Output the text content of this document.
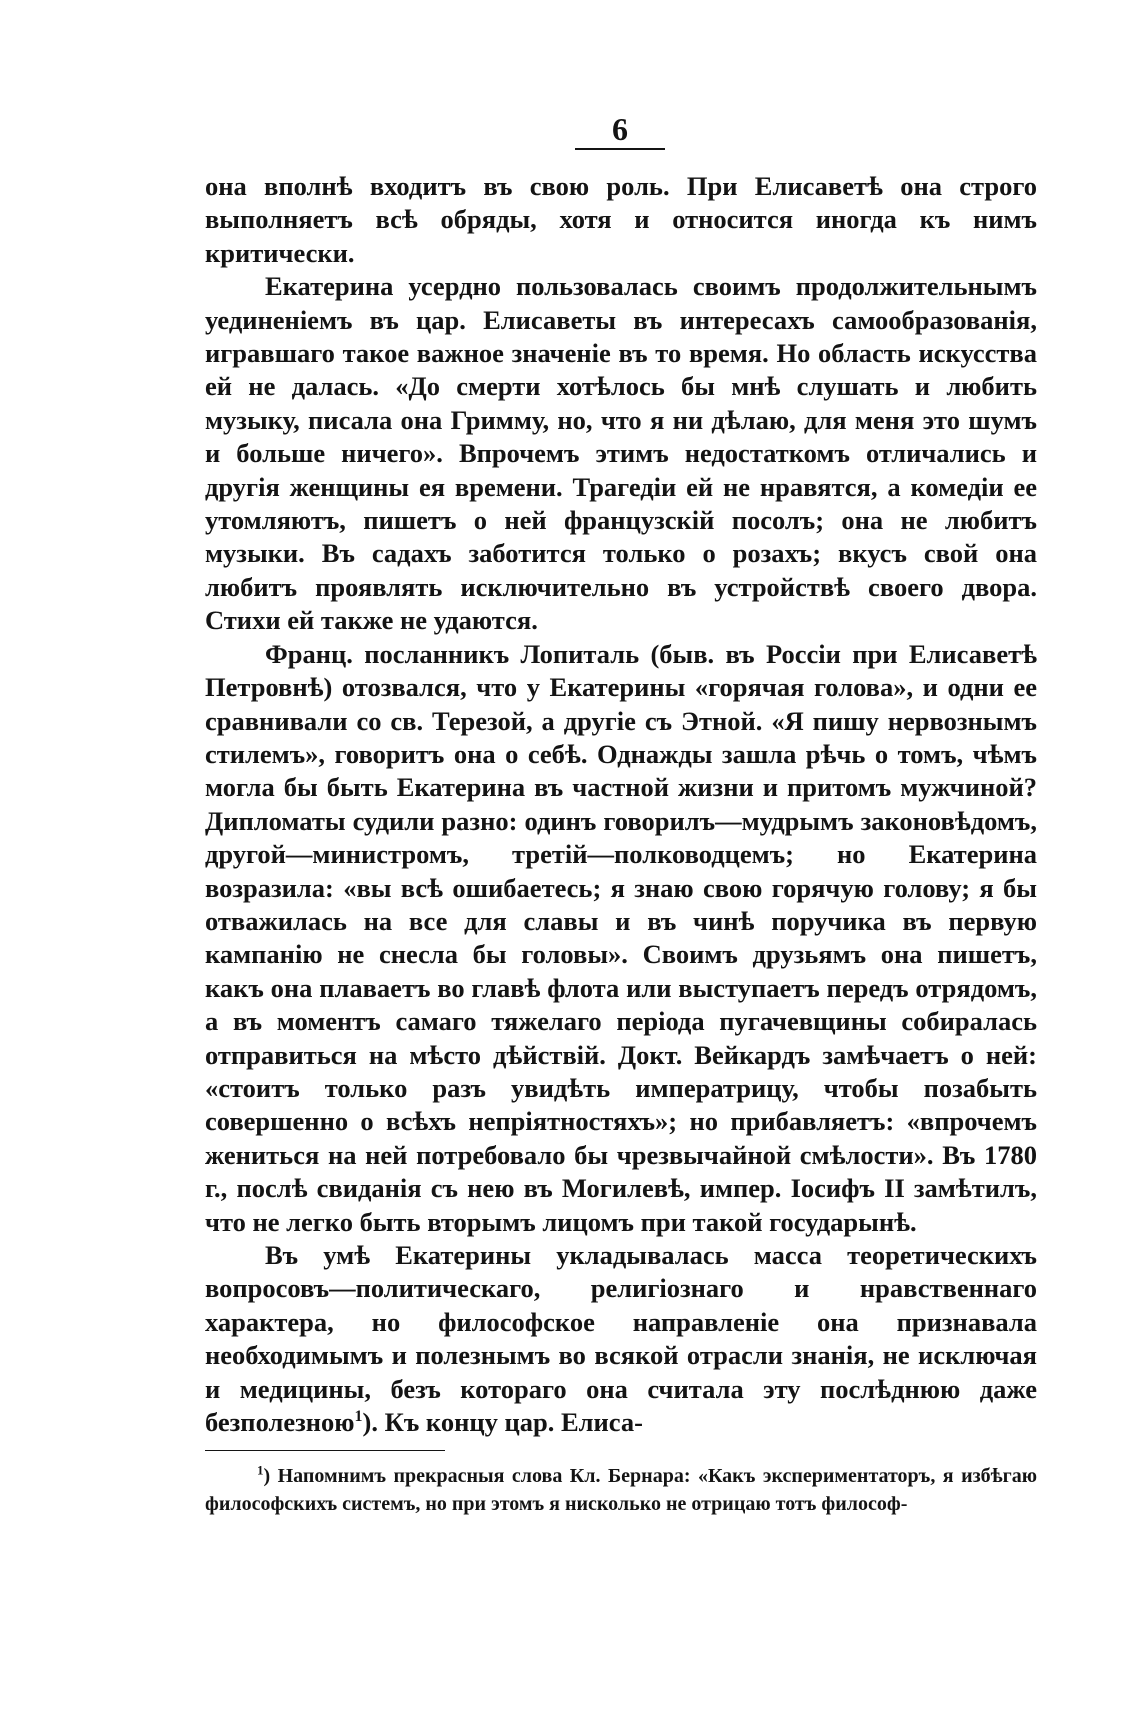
6

она вполнѣ входитъ въ свою роль. При Елисаветѣ она строго выполняетъ всѣ обряды, хотя и относится иногда къ нимъ критически.

Екатерина усердно пользовалась своимъ продолжительнымъ уединеніемъ въ цар. Елисаветы въ интересахъ самообразованія, игравшаго такое важное значеніе въ то время. Но область искусства ей не далась. «До смерти хотѣлось бы мнѣ слушать и любить музыку, писала она Гримму, но, что я ни дѣлаю, для меня это шумъ и больше ничего». Впрочемъ этимъ недостаткомъ отличались и другія женщины ея времени. Трагедіи ей не нравятся, а комедіи ее утомляютъ, пишетъ о ней французскій посолъ; она не любитъ музыки. Въ садахъ заботится только о розахъ; вкусъ свой она любитъ проявлять исключительно въ устройствѣ своего двора. Стихи ей также не удаются.

Франц. посланникъ Лопиталь (быв. въ Россіи при Елисаветѣ Петровнѣ) отозвался, что у Екатерины «горячая голова», и одни ее сравнивали со св. Терезой, а другіе съ Этной. «Я пишу нервознымъ стилемъ», говоритъ она о себѣ. Однажды зашла рѣчь о томъ, чѣмъ могла бы быть Екатерина въ частной жизни и притомъ мужчиной? Дипломаты судили разно: одинъ говорилъ—мудрымъ законовѣдомъ, другой—министромъ, третій—полководцемъ; но Екатерина возразила: «вы всѣ ошибаетесь; я знаю свою горячую голову; я бы отважилась на все для славы и въ чинѣ поручика въ первую кампанію не снесла бы головы». Своимъ друзьямъ она пишетъ, какъ она плаваетъ во главѣ флота или выступаетъ передъ отрядомъ, а въ моментъ самаго тяжелаго періода пугачевщины собиралась отправиться на мѣсто дѣйствій. Докт. Вейкардъ замѣчаетъ о ней: «стоитъ только разъ увидѣть императрицу, чтобы позабыть совершенно о всѣхъ непріятностяхъ»; но прибавляетъ: «впрочемъ жениться на ней потребовало бы чрезвычайной смѣлости». Въ 1780 г., послѣ свиданія съ нею въ Могилевѣ, импер. Іосифъ II замѣтилъ, что не легко быть вторымъ лицомъ при такой государынѣ.

Въ умѣ Екатерины укладывалась масса теоретическихъ вопросовъ—политическаго, религіознаго и нравственнаго характера, но философское направленіе она признавала необходимымъ и полезнымъ во всякой отрасли знанія, не исключая и медицины, безъ котораго она считала эту послѣднюю даже безполезною$^1$). Къ концу цар. Елиса-

$^1$) Напомнимъ прекрасныя слова Кл. Бернара: «Какъ экспериментаторъ, я избѣгаю философскихъ системъ, но при этомъ я нисколько не отрицаю тотъ философ-
